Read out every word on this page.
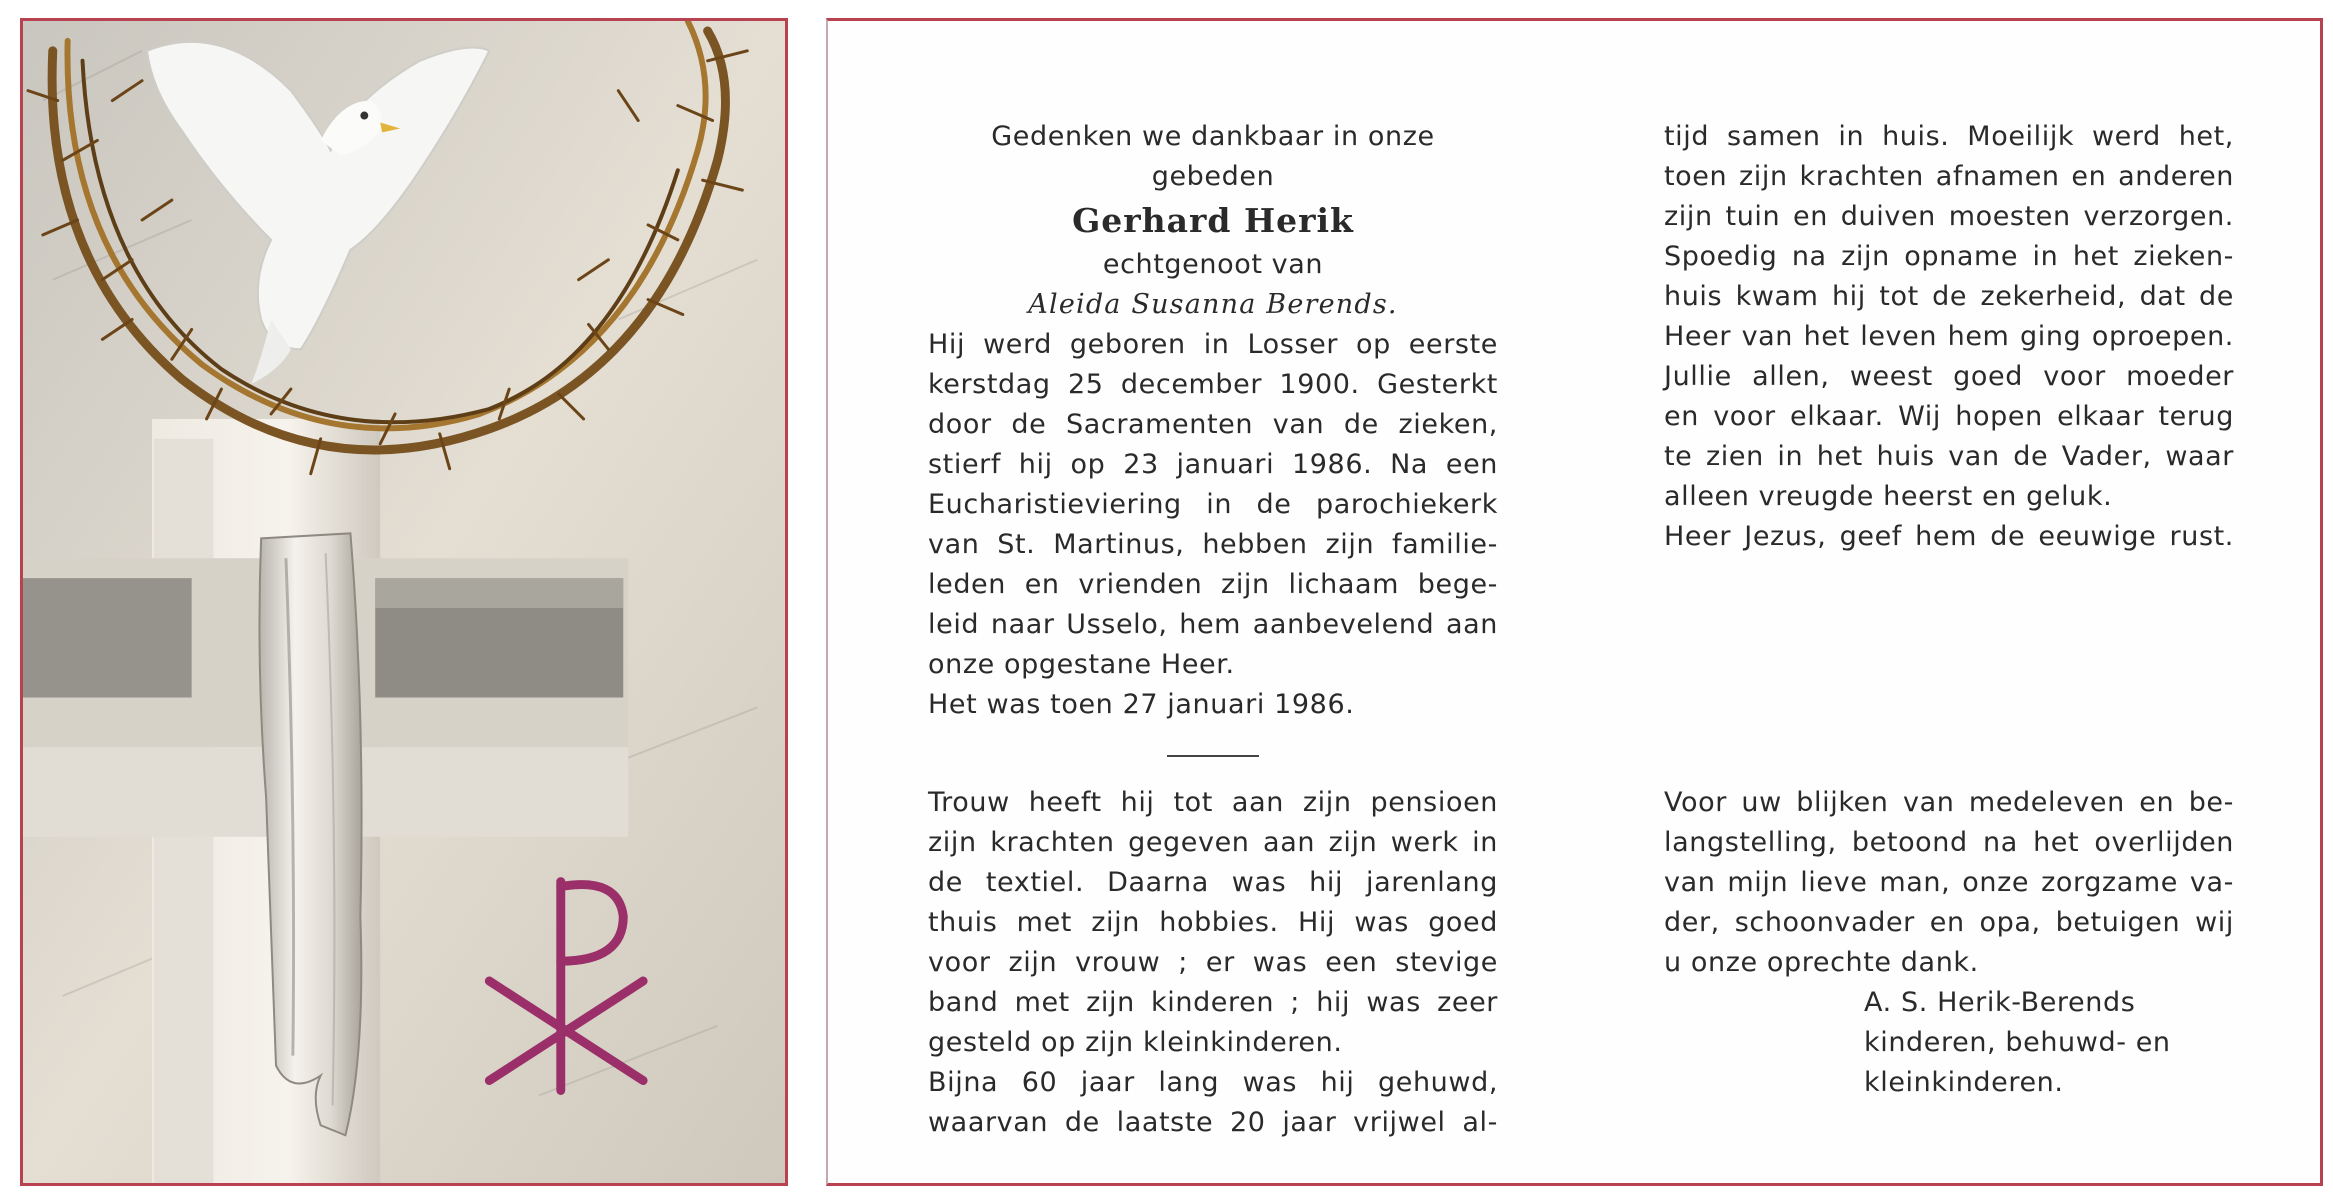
Gedenken we dankbaar in onze gebeden
Gerhard Herik
echtgenoot van
Aleida Susanna Berends.
Hij werd geboren in Losser op eerste
kerstdag 25 december 1900. Gesterkt
door de Sacramenten van de zieken,
stierf hij op 23 januari 1986. Na een
Eucharistieviering in de parochiekerk
van St. Martinus, hebben zijn familie-
leden en vrienden zijn lichaam bege-
leid naar Usselo, hem aanbevelend aan
onze opgestane Heer.
Het was toen 27 januari 1986.
Trouw heeft hij tot aan zijn pensioen
zijn krachten gegeven aan zijn werk in
de textiel. Daarna was hij jarenlang
thuis met zijn hobbies. Hij was goed
voor zijn vrouw ; er was een stevige
band met zijn kinderen ; hij was zeer
gesteld op zijn kleinkinderen.
Bijna 60 jaar lang was hij gehuwd,
waarvan de laatste 20 jaar vrijwel al-
tijd samen in huis. Moeilijk werd het,
toen zijn krachten afnamen en anderen
zijn tuin en duiven moesten verzorgen.
Spoedig na zijn opname in het zieken-
huis kwam hij tot de zekerheid, dat de
Heer van het leven hem ging oproepen.
Jullie allen, weest goed voor moeder
en voor elkaar. Wij hopen elkaar terug
te zien in het huis van de Vader, waar
alleen vreugde heerst en geluk.
Heer Jezus, geef hem de eeuwige rust.
Voor uw blijken van medeleven en be-
langstelling, betoond na het overlijden
van mijn lieve man, onze zorgzame va-
der, schoonvader en opa, betuigen wij
u onze oprechte dank.
A. S. Herik-Berends
kinderen, behuwd- en
kleinkinderen.
